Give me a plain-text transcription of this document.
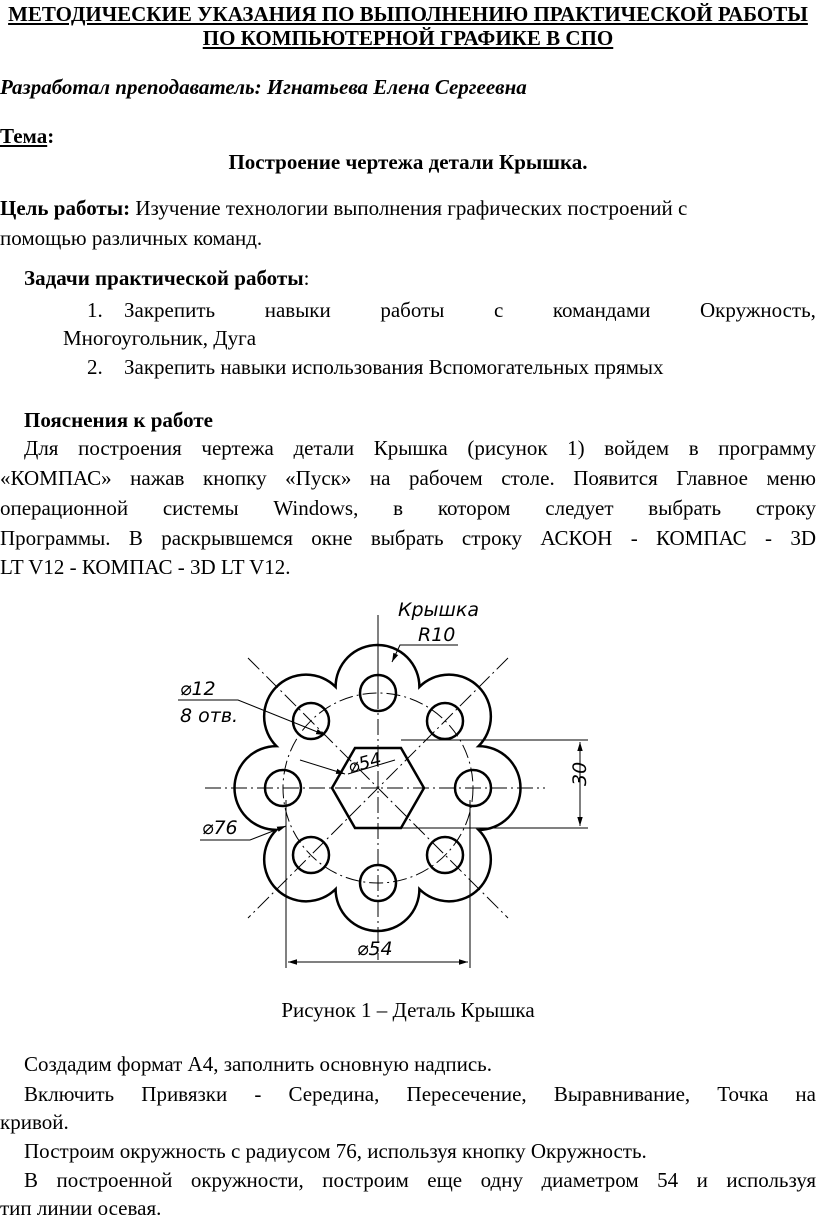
МЕТОДИЧЕСКИЕ УКАЗАНИЯ ПО ВЫПОЛНЕНИЮ ПРАКТИЧЕСКОЙ РАБОТЫ
ПО КОМПЬЮТЕРНОЙ ГРАФИКЕ В СПО
Разработал преподаватель: Игнатьева Елена Сергеевна
Тема:
Построение чертежа детали Крышка.
Цель работы: Изучение технологии выполнения графических построений с
помощью различных команд.
Задачи практической работы:
1. Закрепить навыки работы с командами Окружность,
Многоугольник, Дуга
2. Закрепить навыки использования Вспомогательных прямых
Пояснения к работе
Для построения чертежа детали Крышка (рисунок 1) войдем в программу
«КОМПАС» нажав кнопку «Пуск» на рабочем столе. Появится Главное меню
операционной системы Windows, в котором следует выбрать строку
Программы. В раскрывшемся окне выбрать строку АСКОН - КОМПАС - 3D
LT V12 - КОМПАС - 3D LT V12.
Крышка
R10
⌀12
8 отв.
⌀76
⌀54
⌀54
30
Рисунок 1 – Деталь Крышка
Создадим формат А4, заполнить основную надпись.
Включить Привязки - Середина, Пересечение, Выравнивание, Точка на
кривой.
Построим окружность с радиусом 76, используя кнопку Окружность.
В построенной окружности, построим еще одну диаметром 54 и используя
тип линии осевая.
